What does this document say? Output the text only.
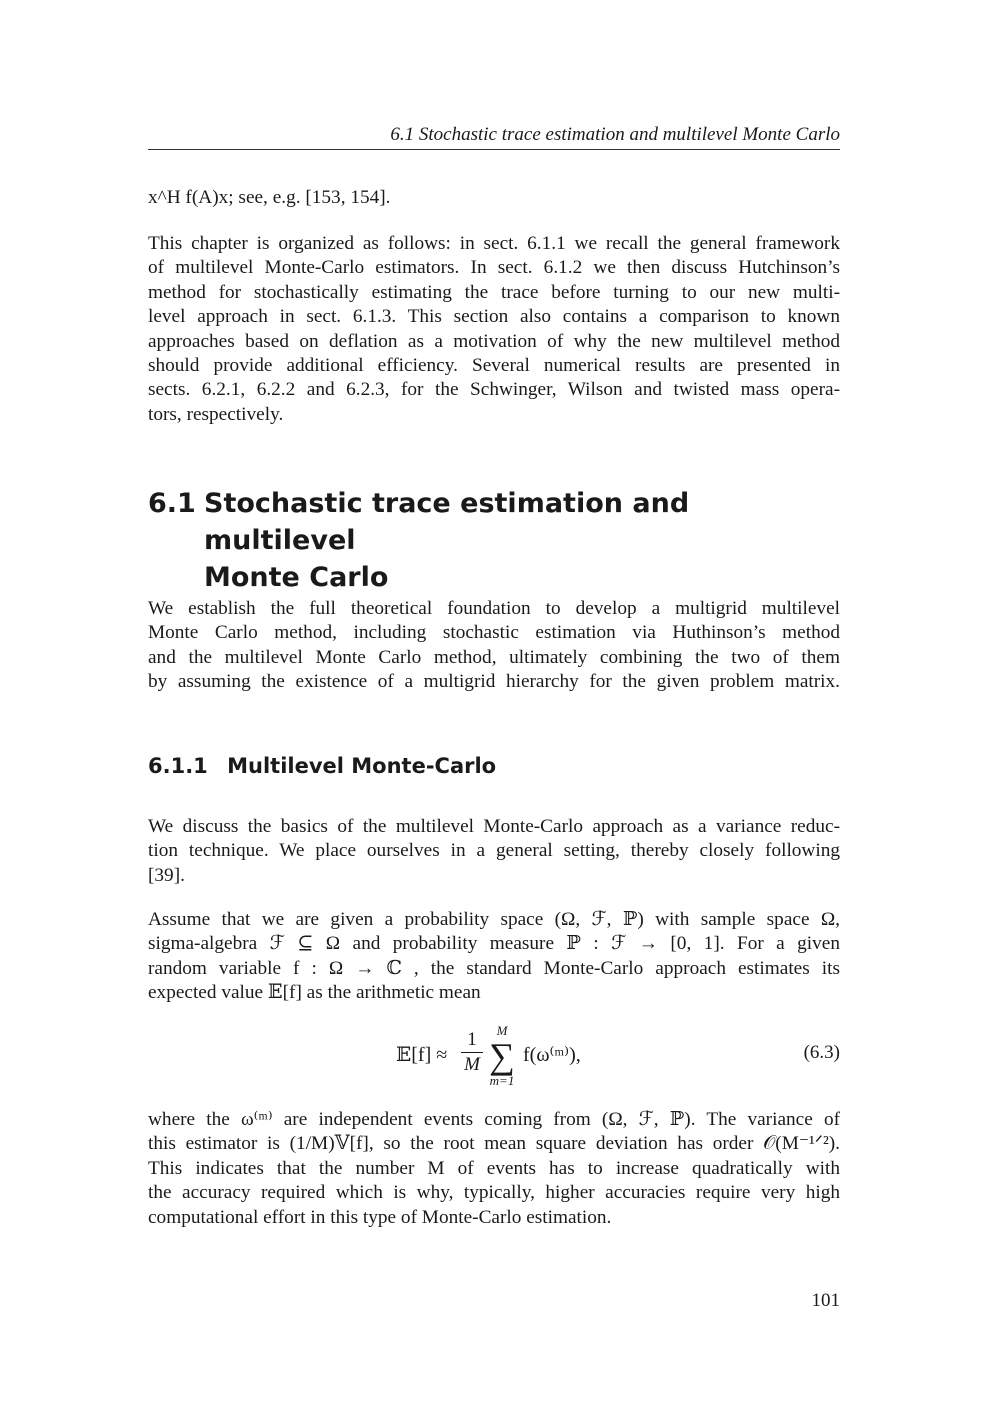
6.1 Stochastic trace estimation and multilevel Monte Carlo
x^H f(A)x; see, e.g. [153, 154].
This chapter is organized as follows: in sect. 6.1.1 we recall the general framework
of multilevel Monte-Carlo estimators. In sect. 6.1.2 we then discuss Hutchinson’s
method for stochastically estimating the trace before turning to our new multi-
level approach in sect. 6.1.3. This section also contains a comparison to known
approaches based on deflation as a motivation of why the new multilevel method
should provide additional efficiency. Several numerical results are presented in
sects. 6.2.1, 6.2.2 and 6.2.3, for the Schwinger, Wilson and twisted mass opera-
tors, respectively.
6.1 Stochastic trace estimation and multilevel
Monte Carlo
We establish the full theoretical foundation to develop a multigrid multilevel
Monte Carlo method, including stochastic estimation via Huthinson’s method
and the multilevel Monte Carlo method, ultimately combining the two of them
by assuming the existence of a multigrid hierarchy for the given problem matrix.
6.1.1 Multilevel Monte-Carlo
We discuss the basics of the multilevel Monte-Carlo approach as a variance reduc-
tion technique. We place ourselves in a general setting, thereby closely following
[39].
Assume that we are given a probability space (Ω, ℱ, ℙ) with sample space Ω,
sigma-algebra ℱ ⊆ Ω and probability measure ℙ : ℱ → [0, 1]. For a given
random variable f : Ω → ℂ , the standard Monte-Carlo approach estimates its
expected value 𝔼[f] as the arithmetic mean
𝔼[f] ≈
1
M
M
∑
m=1
f(ω⁽ᵐ⁾),	(6.3)
where the ω⁽ᵐ⁾ are independent events coming from (Ω, ℱ, ℙ). The variance of
this estimator is (1/M)𝕍[f], so the root mean square deviation has order 𝒪(M⁻¹ᐟ²).
This indicates that the number M of events has to increase quadratically with
the accuracy required which is why, typically, higher accuracies require very high
computational effort in this type of Monte-Carlo estimation.
101
